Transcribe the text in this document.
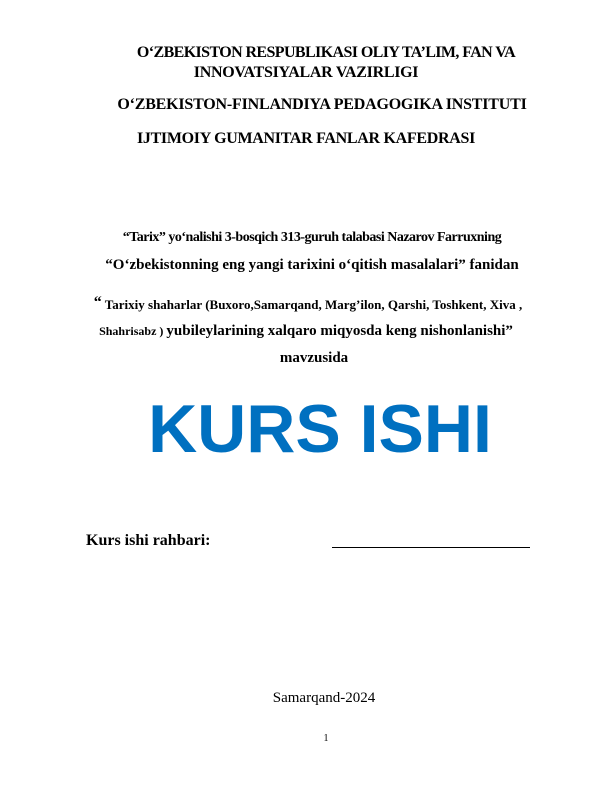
O‘ZBEKISTON RESPUBLIKASI OLIY TA’LIM, FAN VA
INNOVATSIYALAR VAZIRLIGI
O‘ZBEKISTON-FINLANDIYA PEDAGOGIKA INSTITUTI
IJTIMOIY GUMANITAR FANLAR KAFEDRASI
“Tarix” yo‘nalishi 3-bosqich 313-guruh talabasi Nazarov Farruxning
“O‘zbekistonning eng yangi tarixini o‘qitish masalalari” fanidan
“ Tarixiy shaharlar (Buxoro,Samarqand, Marg’ilon, Qarshi, Toshkent, Xiva ,
Shahrisabz ) yubileylarining xalqaro miqyosda keng nishonlanishi”
mavzusida
KURS ISHI
Kurs ishi rahbari:
Samarqand-2024
1
